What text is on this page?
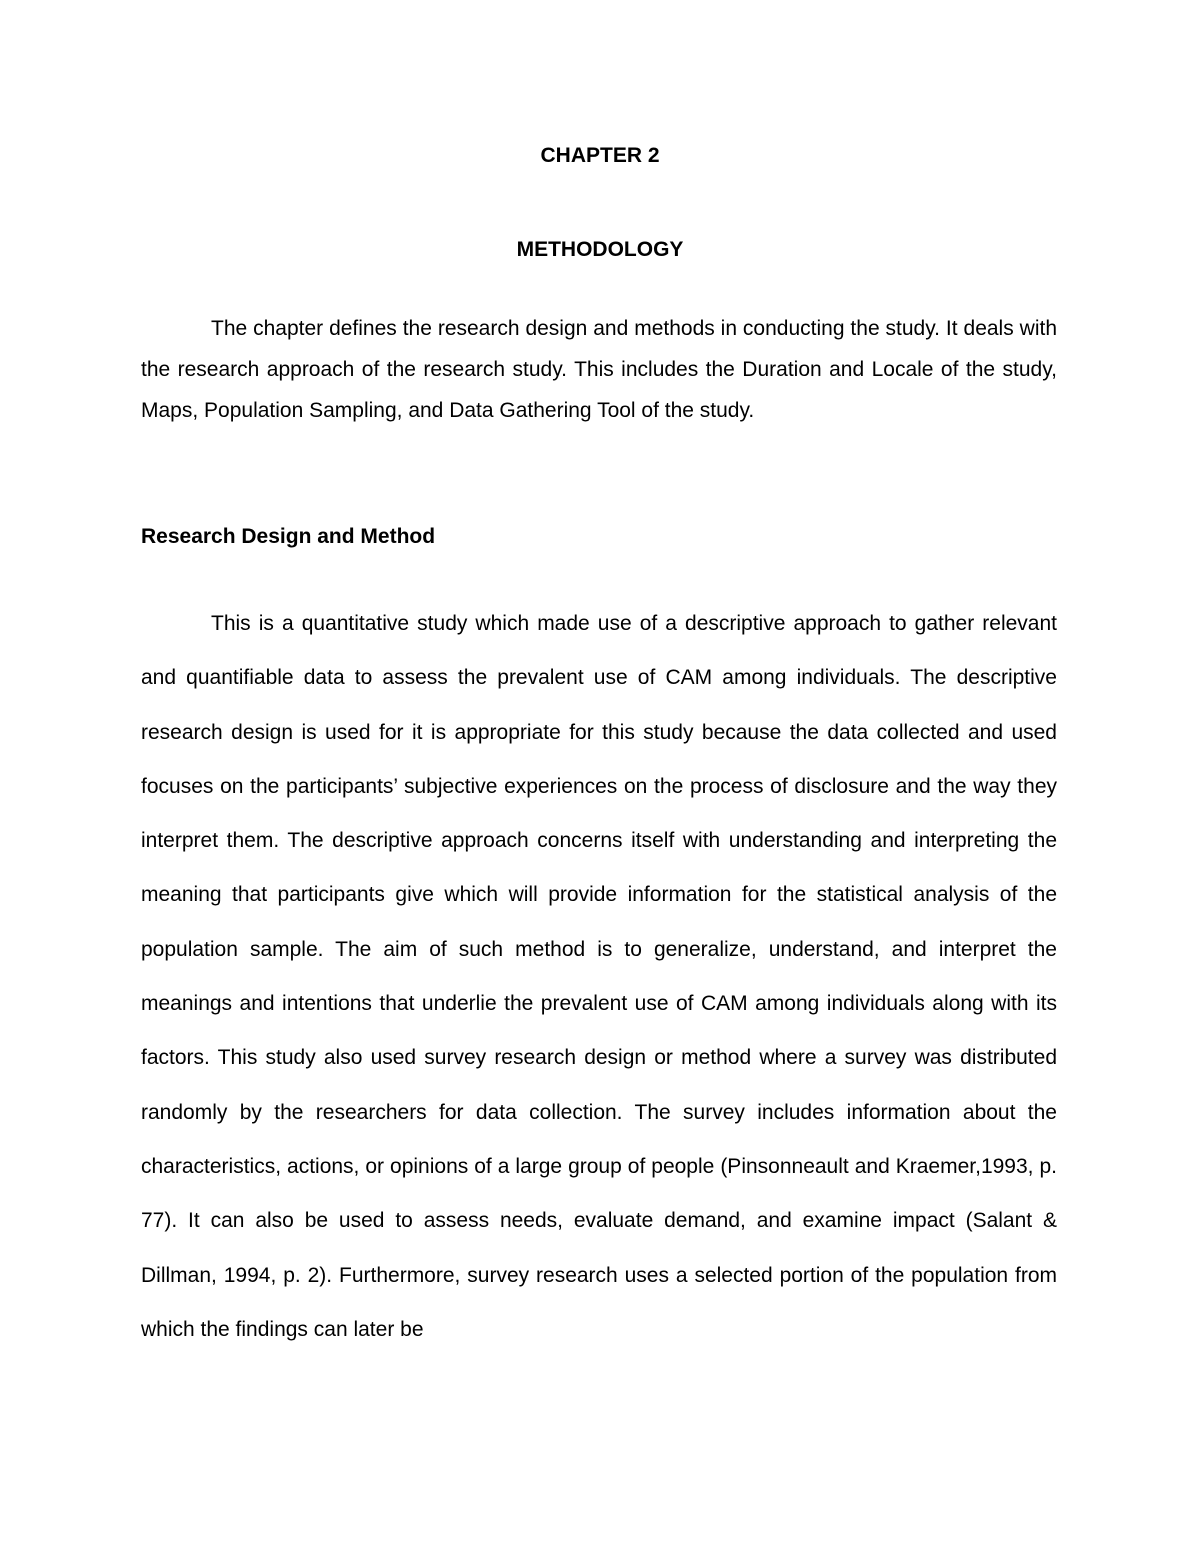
CHAPTER 2
METHODOLOGY

The chapter defines the research design and methods in conducting the study. It deals with the research approach of the research study. This includes the Duration and Locale of the study, Maps, Population Sampling, and Data Gathering Tool of the study.

Research Design and Method

This is a quantitative study which made use of a descriptive approach to gather relevant and quantifiable data to assess the prevalent use of CAM among individuals. The descriptive research design is used for it is appropriate for this study because the data collected and used focuses on the participants’ subjective experiences on the process of disclosure and the way they interpret them. The descriptive approach concerns itself with understanding and interpreting the meaning that participants give which will provide information for the statistical analysis of the population sample. The aim of such method is to generalize, understand, and interpret the meanings and intentions that underlie the prevalent use of CAM among individuals along with its factors. This study also used survey research design or method where a survey was distributed randomly by the researchers for data collection. The survey includes information about the characteristics, actions, or opinions of a large group of people (Pinsonneault and Kraemer,1993, p. 77). It can also be used to assess needs, evaluate demand, and examine impact (Salant & Dillman, 1994, p. 2). Furthermore, survey research uses a selected portion of the population from which the findings can later be
